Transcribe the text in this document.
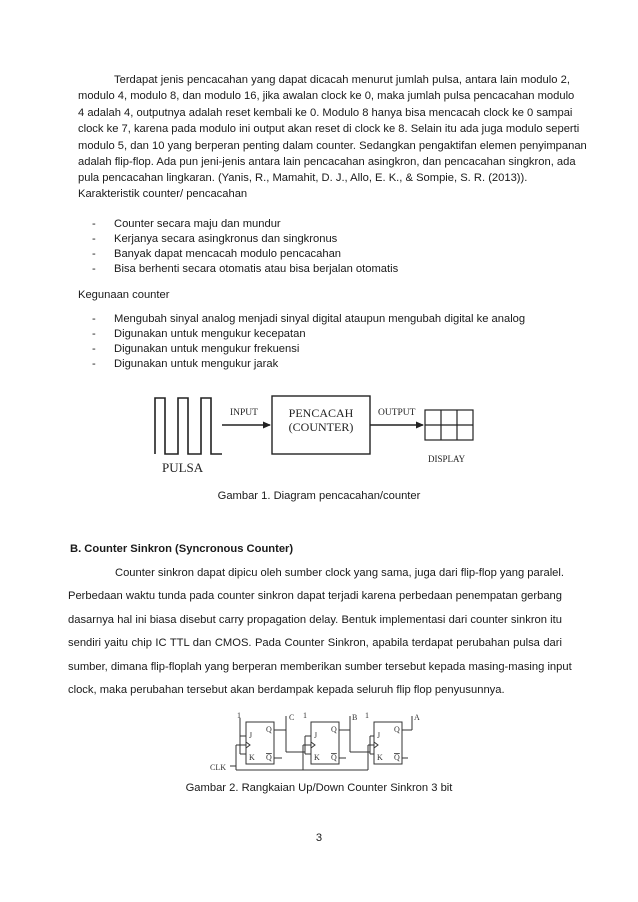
Terdapat jenis pencacahan yang dapat dicacah menurut jumlah pulsa, antara lain modulo 2,
modulo 4, modulo 8, dan modulo 16, jika awalan clock ke 0, maka jumlah pulsa pencacahan modulo
4 adalah 4, outputnya adalah reset kembali ke 0. Modulo 8 hanya bisa mencacah clock ke 0 sampai
clock ke 7, karena pada modulo ini output akan reset di clock ke 8. Selain itu ada juga modulo seperti
modulo 5, dan 10 yang berperan penting dalam counter. Sedangkan pengaktifan elemen penyimpanan
adalah flip-flop. Ada pun jeni-jenis antara lain pencacahan asingkron, dan pencacahan singkron, ada
pula pencacahan lingkaran. (Yanis, R., Mamahit, D. J., Allo, E. K., & Sompie, S. R. (2013)).
Karakteristik counter/ pencacahan
- Counter secara maju dan mundur
- Kerjanya secara asingkronus dan singkronus
- Banyak dapat mencacah modulo pencacahan
- Bisa berhenti secara otomatis atau bisa berjalan otomatis
Kegunaan counter
- Mengubah sinyal analog menjadi sinyal digital ataupun mengubah digital ke analog
- Digunakan untuk mengukur kecepatan
- Digunakan untuk mengukur frekuensi
- Digunakan untuk mengukur jarak
PULSA
INPUT	PENCACAH
(COUNTER)
OUTPUT
DISPLAY
Gambar 1. Diagram pencacahan/counter
B. Counter Sinkron (Syncronous Counter)
Counter sinkron dapat dipicu oleh sumber clock yang sama, juga dari flip-flop yang paralel.
Perbedaan waktu tunda pada counter sinkron dapat terjadi karena perbedaan penempatan gerbang
dasarnya hal ini biasa disebut carry propagation delay. Bentuk implementasi dari counter sinkron itu
sendiri yaitu chip IC TTL dan CMOS. Pada Counter Sinkron, apabila terdapat perubahan pulsa dari
sumber, dimana flip-floplah yang berperan memberikan sumber tersebut kepada masing-masing input
clock, maka perubahan tersebut akan berdampak kepada seluruh flip flop penyusunnya.
J
K
Q
Q
J
K
Q
Q
J
K
Q
Q
1	1	1
C	B	A
CLK
Gambar 2. Rangkaian Up/Down Counter Sinkron 3 bit
3
